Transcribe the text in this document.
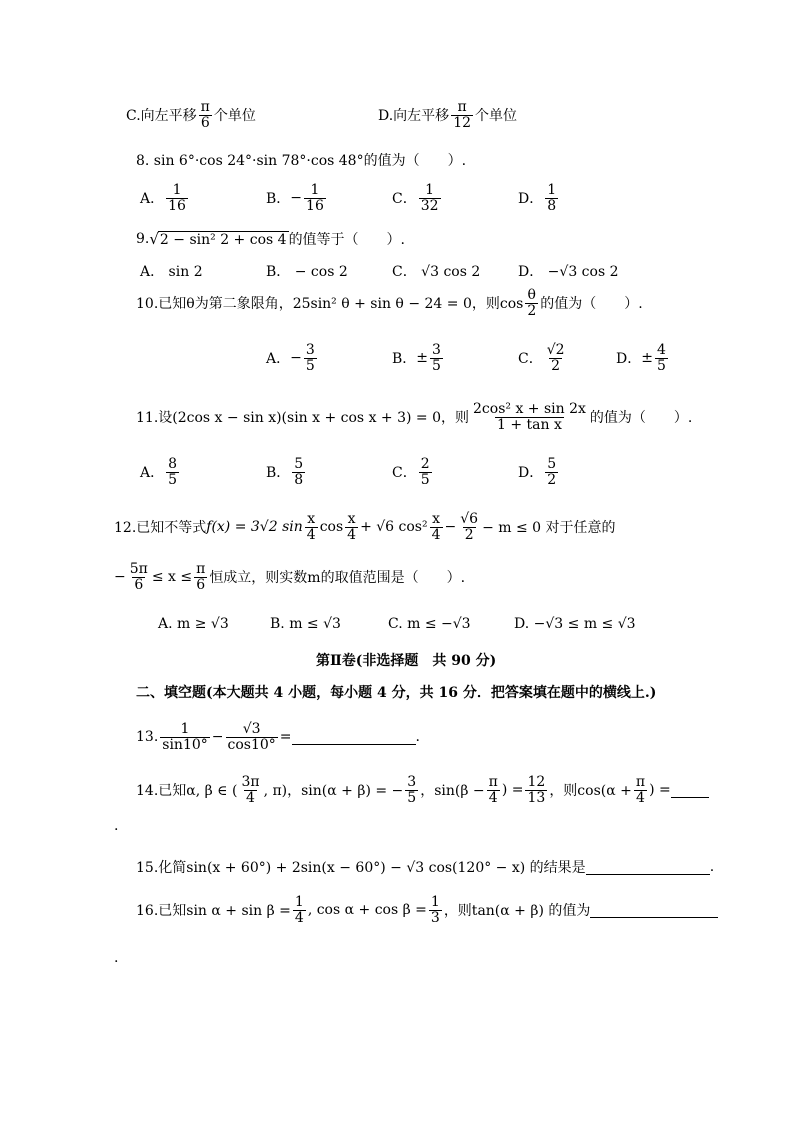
C.向左平移 $\frac{\pi}{6}$ 个单位	D.向左平移 $\frac{\pi}{12}$ 个单位
8. sin 6°·cos 24°·sin 78°·cos 48°的值为（　　）.
A． $\frac{1}{16}$	B． − $\frac{1}{16}$	C． $\frac{1}{32}$	D． $\frac{1}{8}$
9. √ 2 − sin² 2 + cos 4 的值等于（　　）.
A． sin 2	B． − cos 2	C． √3 cos 2	D． −√3 cos 2
10.已知θ为第二象限角，25sin² θ + sin θ − 24 = 0，则$\cos \frac{\theta}{2}$ 的值为（　　）.
A． − $\frac{3}{5}$	B． ± $\frac{3}{5}$	C． $\frac{√2}{2}$	D． ± $\frac{4}{5}$
11.设(2cos x − sin x)(sin x + cos x + 3) = 0，则 $\frac{\text{2cos² x + sin 2x}}{\text{1 + tan x}}$ 的值为（　　）.
A． $\frac{8}{5}$	B． $\frac{5}{8}$	C． $\frac{2}{5}$	D． $\frac{5}{2}$
12.已知不等式 f(x) = 3√2 $\sin \frac{x}{4}$ $\cos \frac{x}{4} + √6$ $\cos^2 \frac{x}{4} - \frac{√6}{2} - m \le 0$ 对于任意的
− $\frac{5\pi}{6} \le x \le \frac{\pi}{6}$ 恒成立，则实数m的取值范围是（　　）.
A. m ≥ √3	B. m ≤ √3	C. m ≤ −√3	D. −√3 ≤ m ≤ √3
第Ⅱ卷(非选择题　共 90 分)
二、填空题(本大题共 4 小题，每小题 4 分，共 16 分．把答案填在题中的横线上.)
13. $\frac{1}{\sin 10^\circ} - \frac{√3}{\cos 10^\circ}$ =	.
14.已知α, β ∈ ( $\frac{3\pi}{4}$ , π)，sin(α + β) = − $\frac{3}{5}$ ，$\sin(\beta - \frac{\pi}{4}$ ) = $\frac{12}{13}$ ，则$\cos(\alpha + \frac{\pi}{4}$ ) =
.
15.化简sin(x + 60°) + 2sin(x − 60°) − √3 cos(120° − x) 的结果是	.
16.已知$\sin \alpha + \sin \beta = \frac{1}{4}$ , $\cos \alpha + \cos \beta = \frac{1}{3}$ ，则tan(α + β) 的值为
.
